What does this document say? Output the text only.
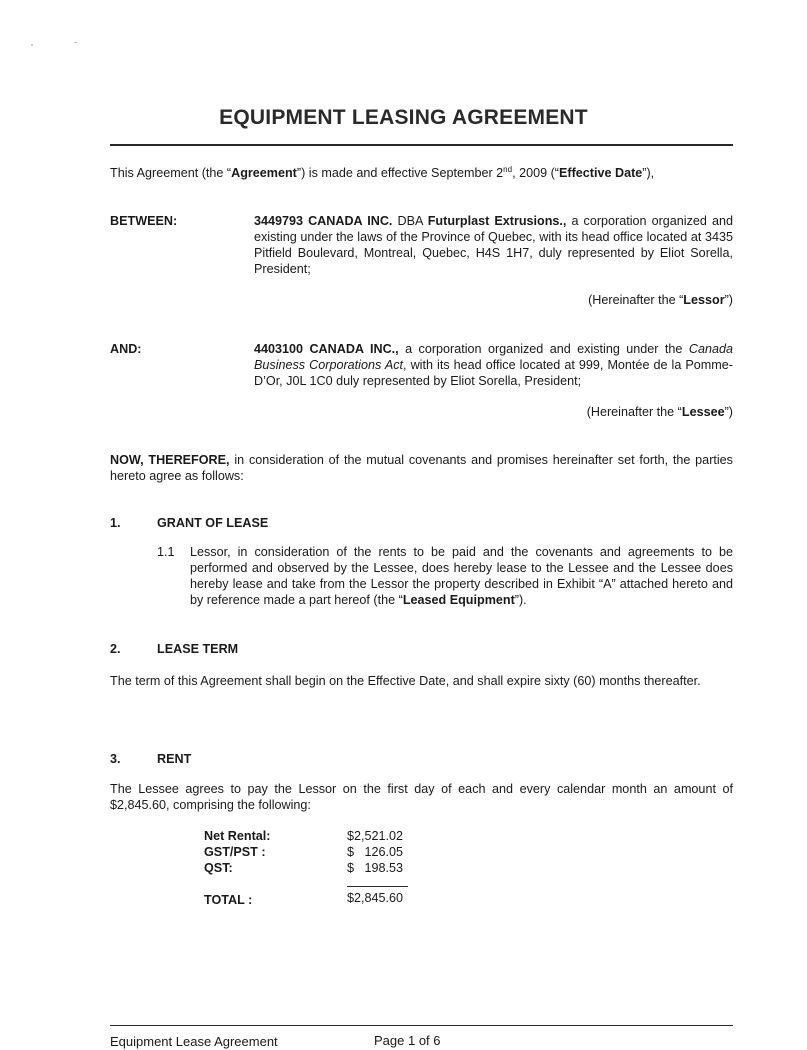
EQUIPMENT LEASING AGREEMENT
This Agreement (the “Agreement”) is made and effective September 2nd, 2009 (“Effective Date”),
BETWEEN:	3449793 CANADA INC. DBA Futurplast Extrusions., a corporation organized and existing under the laws of the Province of Quebec, with its head office located at 3435 Pitfield Boulevard, Montreal, Quebec, H4S 1H7, duly represented by Eliot Sorella, President;
(Hereinafter the “Lessor”)
AND:	4403100 CANADA INC., a corporation organized and existing under the Canada Business Corporations Act, with its head office located at 999, Montée de la Pomme-D’Or, J0L 1C0 duly represented by Eliot Sorella, President;
(Hereinafter the “Lessee”)
NOW, THEREFORE, in consideration of the mutual covenants and promises hereinafter set forth, the parties hereto agree as follows:
1.	GRANT OF LEASE
1.1 Lessor, in consideration of the rents to be paid and the covenants and agreements to be performed and observed by the Lessee, does hereby lease to the Lessee and the Lessee does hereby lease and take from the Lessor the property described in Exhibit “A” attached hereto and by reference made a part hereof (the “Leased Equipment”).
2.	LEASE TERM
The term of this Agreement shall begin on the Effective Date, and shall expire sixty (60) months thereafter.
3.	RENT
The Lessee agrees to pay the Lessor on the first day of each and every calendar month an amount of $2,845.60, comprising the following:
Net Rental:	$2,521.02
GST/PST :	$   126.05
QST:	$   198.53
TOTAL :	$2,845.60
Equipment Lease Agreement	Page 1 of 6
